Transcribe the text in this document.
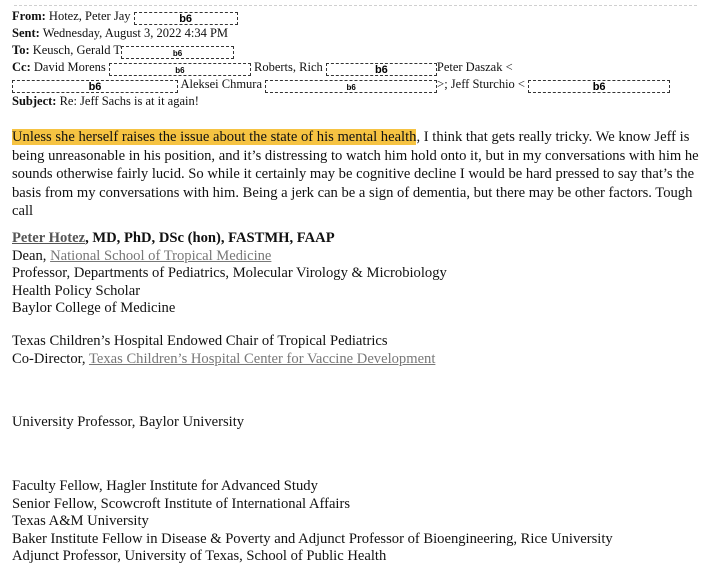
From: Hotez, Peter Jay	b6
Sent: Wednesday, August 3, 2022 4:34 PM
To: Keusch, Gerald T	b6
Cc: David Morens	b6	Roberts, Rich	b6	Peter Daszak <
b6	Aleksei Chmura	b6	>; Jeff Sturchio <	b6
Subject: Re: Jeff Sachs is at it again!
Unless she herself raises the issue about the state of his mental health, I think that gets really tricky. We know Jeff is being unreasonable in his position, and it’s distressing to watch him hold onto it, but in my conversations with him he sounds otherwise fairly lucid. So while it certainly may be cognitive decline I would be hard pressed to say that’s the basis from my conversations with him. Being a jerk can be a sign of dementia, but there may be other factors. Tough call
Peter Hotez, MD, PhD, DSc (hon), FASTMH, FAAP
Dean, National School of Tropical Medicine
Professor, Departments of Pediatrics, Molecular Virology & Microbiology
Health Policy Scholar
Baylor College of Medicine
Texas Children’s Hospital Endowed Chair of Tropical Pediatrics
Co-Director, Texas Children’s Hospital Center for Vaccine Development
University Professor, Baylor University
Faculty Fellow, Hagler Institute for Advanced Study
Senior Fellow, Scowcroft Institute of International Affairs
Texas A&M University
Baker Institute Fellow in Disease & Poverty and Adjunct Professor of Bioengineering, Rice University
Adjunct Professor, University of Texas, School of Public Health
